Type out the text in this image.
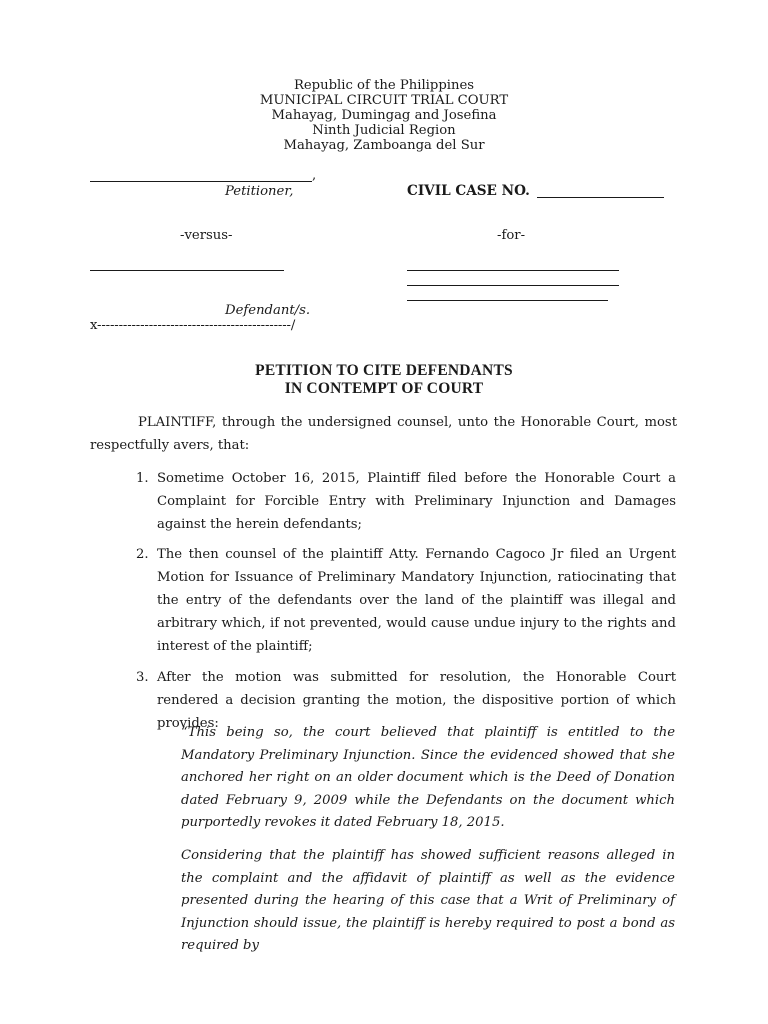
Republic of the Philippines
MUNICIPAL CIRCUIT TRIAL COURT
Mahayag, Dumingag and Josefina
Ninth Judicial Region
Mahayag, Zamboanga del Sur
,
Petitioner,	CIVIL CASE NO.
-versus-	-for-
Defendant/s.
x---------------------------------------------/
PETITION TO CITE DEFENDANTS
IN CONTEMPT OF COURT
PLAINTIFF, through the undersigned counsel, unto the Honorable Court, most respectfully avers, that:
1. Sometime October 16, 2015, Plaintiff filed before the Honorable Court a Complaint for Forcible Entry with Preliminary Injunction and Damages against the herein defendants;
2. The then counsel of the plaintiff Atty. Fernando Cagoco Jr filed an Urgent Motion for Issuance of Preliminary Mandatory Injunction, ratiocinating that the entry of the defendants over the land of the plaintiff was illegal and arbitrary which, if not prevented, would cause undue injury to the rights and interest of the plaintiff;
3. After the motion was submitted for resolution, the Honorable Court rendered a decision granting the motion, the dispositive portion of which provides:
“This being so, the court believed that plaintiff is entitled to the Mandatory Preliminary Injunction. Since the evidenced showed that she anchored her right on an older document which is the Deed of Donation dated February 9, 2009 while the Defendants on the document which purportedly revokes it dated February 18, 2015.
Considering that the plaintiff has showed sufficient reasons alleged in the complaint and the affidavit of plaintiff as well as the evidence presented during the hearing of this case that a Writ of Preliminary of Injunction should issue, the plaintiff is hereby required to post a bond as required by
